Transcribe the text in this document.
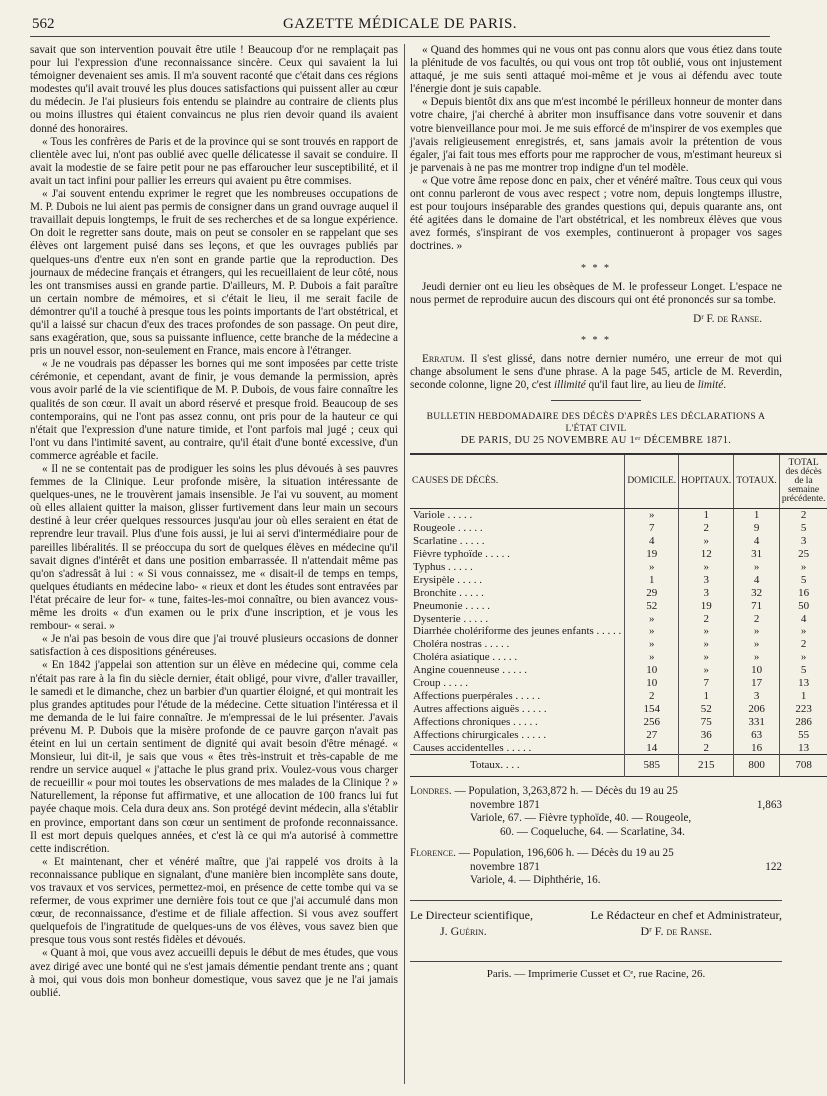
562	GAZETTE MÉDICALE DE PARIS.

savait que son intervention pouvait être utile ! Beaucoup d'or ne remplaçait pas pour lui l'expression d'une reconnaissance sincère. Ceux qui savaient la lui témoigner devenaient ses amis. Il m'a souvent raconté que c'était dans ces régions modestes qu'il avait trouvé les plus douces satisfactions qui puissent aller au cœur du médecin. Je l'ai plusieurs fois entendu se plaindre au contraire de clients plus ou moins illustres qui étaient convaincus ne plus rien devoir quand ils avaient donné des honoraires.

« Tous les confrères de Paris et de la province qui se sont trouvés en rapport de clientèle avec lui, n'ont pas oublié avec quelle délicatesse il savait se conduire. Il avait la modestie de se faire petit pour ne pas effaroucher leur susceptibilité, et il avait un tact infini pour pallier les erreurs qui avaient pu être commises.

« J'ai souvent entendu exprimer le regret que les nombreuses occupations de M. P. Dubois ne lui aient pas permis de consigner dans un grand ouvrage auquel il travaillait depuis longtemps, le fruit de ses recherches et de sa longue expérience. On doit le regretter sans doute, mais on peut se consoler en se rappelant que ses élèves ont largement puisé dans ses leçons, et que les ouvrages publiés par quelques-uns d'entre eux n'en sont en grande partie que la reproduction. Des journaux de médecine français et étrangers, qui les recueillaient de leur côté, nous les ont transmises aussi en grande partie. D'ailleurs, M. P. Dubois a fait paraître un certain nombre de mémoires, et si c'était le lieu, il me serait facile de démontrer qu'il a touché à presque tous les points importants de l'art obstétrical, et qu'il a laissé sur chacun d'eux des traces profondes de son passage. On peut dire, sans exagération, que, sous sa puissante influence, cette branche de la médecine a pris un nouvel essor, non-seulement en France, mais encore à l'étranger.

« Je ne voudrais pas dépasser les bornes qui me sont imposées par cette triste cérémonie, et cependant, avant de finir, je vous demande la permission, après vous avoir parlé de la vie scientifique de M. P. Dubois, de vous faire connaître les qualités de son cœur. Il avait un abord réservé et presque froid. Beaucoup de ses contemporains, qui ne l'ont pas assez connu, ont pris pour de la hauteur ce qui n'était que l'expression d'une nature timide, et l'ont parfois mal jugé ; ceux qui l'ont vu dans l'intimité savent, au contraire, qu'il était d'une bonté excessive, d'un commerce agréable et facile.

« Il ne se contentait pas de prodiguer les soins les plus dévoués à ses pauvres femmes de la Clinique. Leur profonde misère, la situation intéressante de quelques-unes, ne le trouvèrent jamais insensible. Je l'ai vu souvent, au moment où elles allaient quitter la maison, glisser furtivement dans leur main un secours destiné à leur créer quelques ressources jusqu'au jour où elles seraient en état de reprendre leur travail. Plus d'une fois aussi, je lui ai servi d'intermédiaire pour de pareilles libéralités. Il se préoccupa du sort de quelques élèves en médecine qu'il savait dignes d'intérêt et dans une position embarrassée. Il n'attendait même pas qu'on s'adressât à lui : « Si vous connaissez, me « disait-il de temps en temps, quelques étudiants en médecine labo- « rieux et dont les études sont entravées par l'état précaire de leur for- « tune, faites-les-moi connaître, ou bien avancez vous-même les droits « d'un examen ou le prix d'une inscription, et je vous les rembour- « serai. »

« Je n'ai pas besoin de vous dire que j'ai trouvé plusieurs occasions de donner satisfaction à ces dispositions généreuses.

« En 1842 j'appelai son attention sur un élève en médecine qui, comme cela n'était pas rare à la fin du siècle dernier, était obligé, pour vivre, d'aller travailler, le samedi et le dimanche, chez un barbier d'un quartier éloigné, et qui montrait les plus grandes aptitudes pour l'étude de la médecine. Cette situation l'intéressa et il me demanda de le lui faire connaître. Je m'empressai de le lui présenter. J'avais prévenu M. P. Dubois que la misère profonde de ce pauvre garçon n'avait pas éteint en lui un certain sentiment de dignité qui avait besoin d'être ménagé. « Monsieur, lui dit-il, je sais que vous « êtes très-instruit et très-capable de me rendre un service auquel « j'attache le plus grand prix. Voulez-vous vous charger de recueillir « pour moi toutes les observations de mes malades de la Clinique ? » Naturellement, la réponse fut affirmative, et une allocation de 100 francs lui fut payée chaque mois. Cela dura deux ans. Son protégé devint médecin, alla s'établir en province, emportant dans son cœur un sentiment de profonde reconnaissance. Il est mort depuis quelques années, et c'est là ce qui m'a autorisé à commettre cette indiscrétion.

« Et maintenant, cher et vénéré maître, que j'ai rappelé vos droits à la reconnaissance publique en signalant, d'une manière bien incomplète sans doute, vos travaux et vos services, permettez-moi, en présence de cette tombe qui va se refermer, de vous exprimer une dernière fois tout ce que j'ai accumulé dans mon cœur, de reconnaissance, d'estime et de filiale affection. Si vous avez souffert quelquefois de l'ingratitude de quelques-uns de vos élèves, vous savez bien que presque tous vous sont restés fidèles et dévoués.

« Quant à moi, que vous avez accueilli depuis le début de mes études, que vous avez dirigé avec une bonté qui ne s'est jamais démentie pendant trente ans ; quant à moi, qui vous dois mon bonheur domestique, vous savez que je ne l'ai jamais oublié.

« Quand des hommes qui ne vous ont pas connu alors que vous étiez dans toute la plénitude de vos facultés, ou qui vous ont trop tôt oublié, vous ont injustement attaqué, je me suis senti attaqué moi-même et je vous ai défendu avec toute l'énergie dont je suis capable.

« Depuis bientôt dix ans que m'est incombé le périlleux honneur de monter dans votre chaire, j'ai cherché à abriter mon insuffisance dans votre souvenir et dans votre bienveillance pour moi. Je me suis efforcé de m'inspirer de vos exemples que j'avais religieusement enregistrés, et, sans jamais avoir la prétention de vous égaler, j'ai fait tous mes efforts pour me rapprocher de vous, m'estimant heureux si je parvenais à ne pas me montrer trop indigne d'un tel modèle.

« Que votre âme repose donc en paix, cher et vénéré maître. Tous ceux qui vous ont connu parleront de vous avec respect ; votre nom, depuis longtemps illustre, est pour toujours inséparable des grandes questions qui, depuis quarante ans, ont été agitées dans le domaine de l'art obstétrical, et les nombreux élèves que vous avez formés, s'inspirant de vos exemples, continueront à propager vos sages doctrines. »

* * *

Jeudi dernier ont eu lieu les obsèques de M. le professeur Longet. L'espace ne nous permet de reproduire aucun des discours qui ont été prononcés sur sa tombe.

Dʳ F. de Ranse.
* * *

Erratum. Il s'est glissé, dans notre dernier numéro, une erreur de mot qui change absolument le sens d'une phrase. A la page 545, article de M. Reverdin, seconde colonne, ligne 20, c'est illimité qu'il faut lire, au lieu de limité.

BULLETIN HEBDOMADAIRE DES DÉCÈS D'APRÈS LES DÉCLARATIONS A L'ÉTAT CIVIL
DE PARIS, DU 25 NOVEMBRE AU 1ᵉʳ DÉCEMBRE 1871.
CAUSES DE DÉCÈS.	DOMICILE.	HOPITAUX.	TOTAUX.	TOTAL des décès de la semaine précédente.
Variole . . . . .	»	1	1	2
Rougeole . . . . .	7	2	9	5
Scarlatine . . . . .	4	»	4	3
Fièvre typhoïde . . . . .	19	12	31	25
Typhus . . . . .	»	»	»	»
Erysipèle . . . . .	1	3	4	5
Bronchite . . . . .	29	3	32	16
Pneumonie . . . . .	52	19	71	50
Dysenterie . . . . .	»	2	2	4
Diarrhée cholériforme des jeunes enfants . . . . .	»	»	»	»
Choléra nostras . . . . .	»	»	»	2
Choléra asiatique . . . . .	»	»	»	»
Angine couenneuse . . . . .	10	»	10	5
Croup . . . . .	10	7	17	13
Affections puerpérales . . . . .	2	1	3	1
Autres affections aiguës . . . . .	154	52	206	223
Affections chroniques . . . . .	256	75	331	286
Affections chirurgicales . . . . .	27	36	63	55
Causes accidentelles . . . . .	14	2	16	13
Totaux. . . .	585	215	800	708
Londres. — Population, 3,263,872 h. — Décès du 19 au 25
novembre 1871	1,863
Variole, 67. — Fièvre typhoïde, 40. — Rougeole,
60. — Coqueluche, 64. — Scarlatine, 34.
Florence. — Population, 196,606 h. — Décès du 19 au 25
novembre 1871	122
Variole, 4. — Diphthérie, 16.
Le Directeur scientifique,	Le Rédacteur en chef et Administrateur,
J. Guérin.	Dʳ F. de Ranse.
Paris. — Imprimerie Cusset et Cᵉ, rue Racine, 26.
